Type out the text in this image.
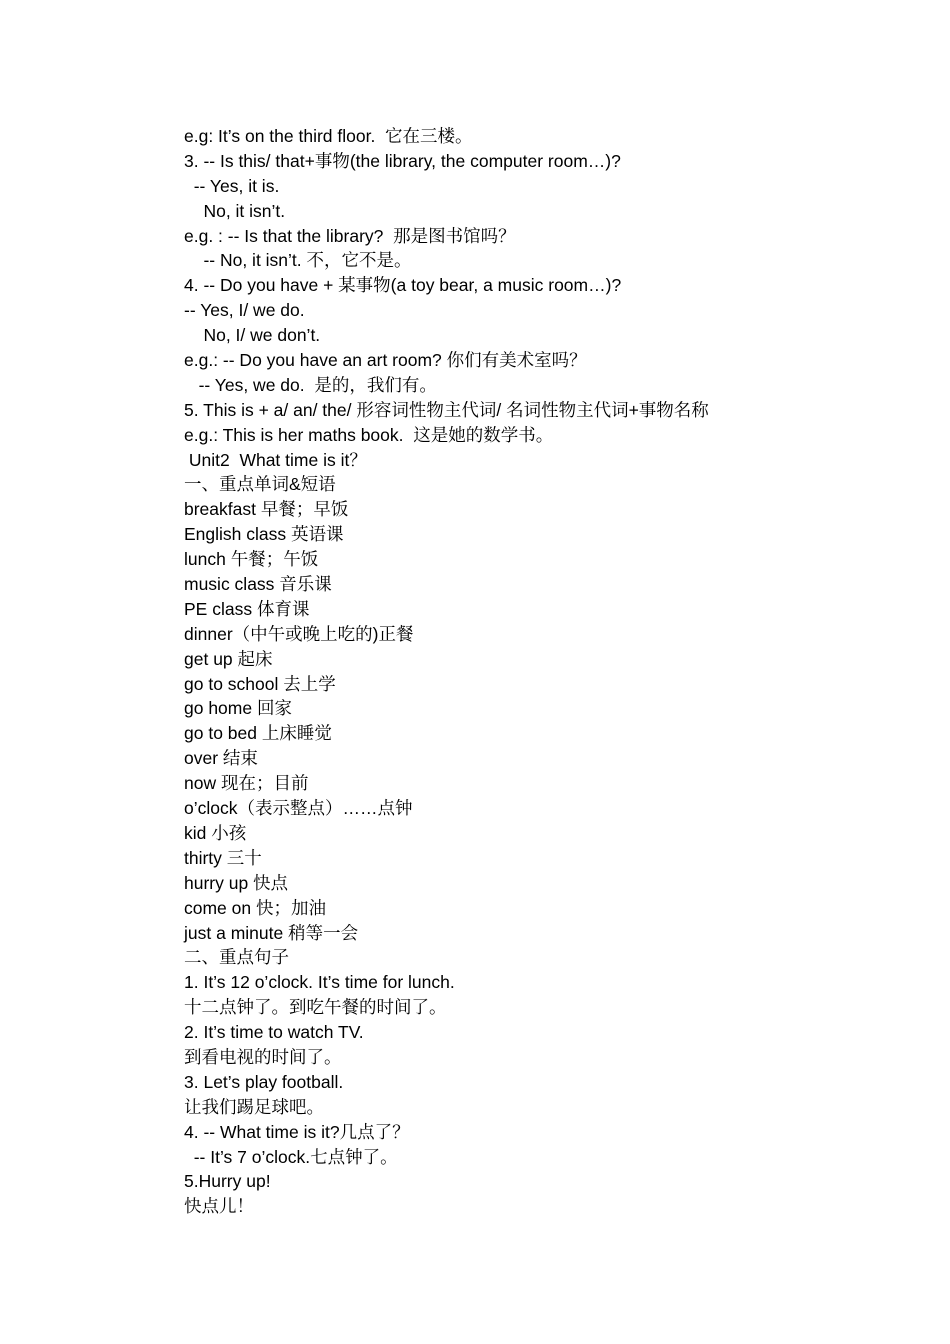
e.g: It’s on the third floor.  它在三楼。
3. -- Is this/ that+事物(the library, the computer room…)?
-- Yes, it is.
No, it isn’t.
e.g. : -- Is that the library?  那是图书馆吗？
-- No, it isn’t. 不，它不是。
4. -- Do you have + 某事物(a toy bear, a music room…)?
-- Yes, I/ we do.
No, I/ we don’t.
e.g.: -- Do you have an art room? 你们有美术室吗？
-- Yes, we do.  是的，我们有。
5. This is + a/ an/ the/ 形容词性物主代词/ 名词性物主代词+事物名称
e.g.: This is her maths book.  这是她的数学书。
Unit2  What time is it？
一、重点单词&短语
breakfast 早餐；早饭
English class 英语课
lunch 午餐；午饭
music class 音乐课
PE class 体育课
dinner（中午或晚上吃的)正餐
get up 起床
go to school 去上学
go home 回家
go to bed 上床睡觉
over 结束
now 现在；目前
o’clock（表示整点）……点钟
kid 小孩
thirty 三十
hurry up 快点
come on 快；加油
just a minute 稍等一会
二、重点句子
1. It’s 12 o’clock. It’s time for lunch.
十二点钟了。到吃午餐的时间了。
2. It’s time to watch TV.
到看电视的时间了。
3. Let’s play football.
让我们踢足球吧。
4. -- What time is it?几点了？
-- It’s 7 o’clock.七点钟了。
5.Hurry up!
快点儿！
